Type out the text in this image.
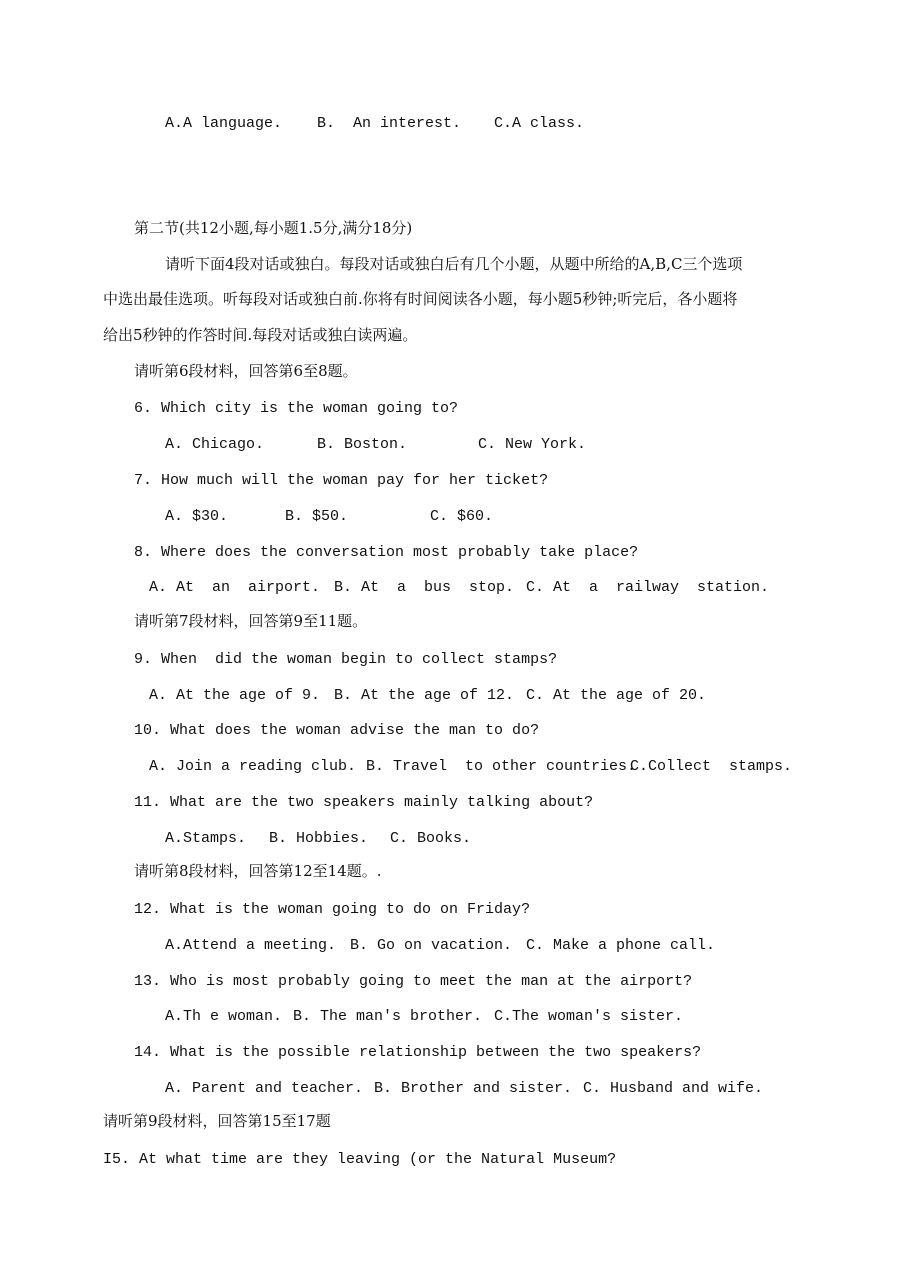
A.A language. B.  An interest. C.A class.
第二节(共12小题,每小题1.5分,满分18分)
请听下面4段对话或独白。每段对话或独白后有几个小题，从题中所给的A,B,C三个选项
中选出最佳选项。听每段对话或独白前.你将有时间阅读各小题，每小题5秒钟;听完后，各小题将
给出5秒钟的作答时间.每段对话或独白读两遍。
请听第6段材料，回答第6至8题。
6. Which city is the woman going to?
A. Chicago.	B. Boston.	C. New York.
7. How much will the woman pay for her ticket?
A. $30.	B. $50.	C. $60.
8. Where does the conversation most probably take place?
A. At  an  airport. B. At  a  bus  stop. C. At  a  railway  station.
请听第7段材料，回答第9至11题。
9. When  did the woman begin to collect stamps?
A. At the age of 9. B. At the age of 12. C. At the age of 20.
10. What does the woman advise the man to do?
A. Join a reading club. B. Travel  to other countries.
C.Collect  stamps.
11. What are the two speakers mainly talking about?
A.Stamps. B. Hobbies. C. Books.
请听第8段材料，回答第12至14题。.
12. What is the woman going to do on Friday?
A.Attend a meeting. B. Go on vacation. C. Make a phone call.
13. Who is most probably going to meet the man at the airport?
A.Th e woman. B. The man's brother. C.The woman's sister.
14. What is the possible relationship between the two speakers?
A. Parent and teacher. B. Brother and sister. C. Husband and wife.
请听第9段材料，回答第15至17题
I5. At what time are they leaving (or the Natural Museum?
